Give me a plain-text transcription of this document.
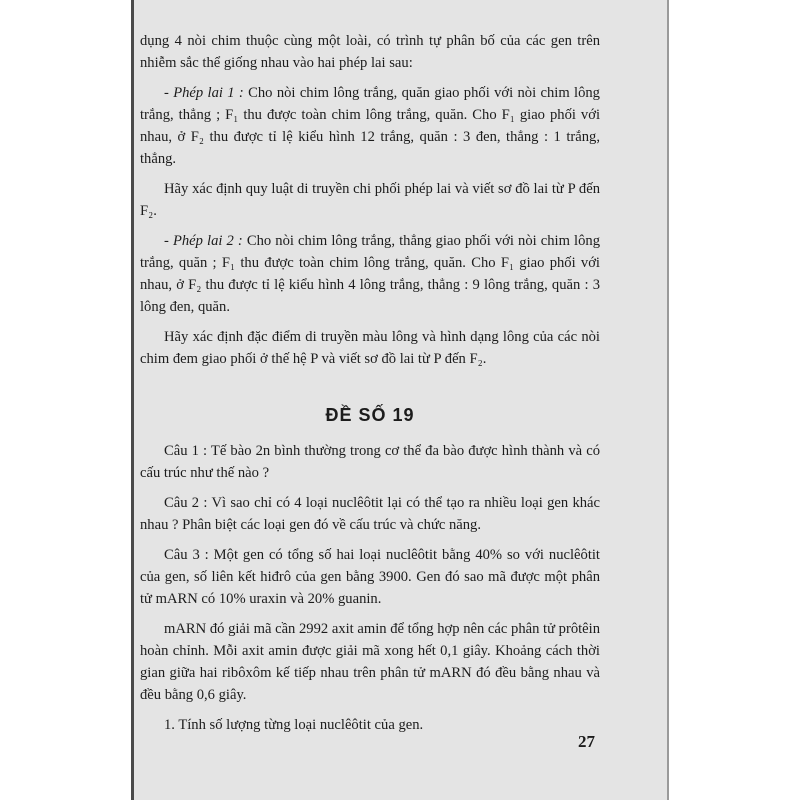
dụng 4 nòi chim thuộc cùng một loài, có trình tự phân bố của các gen trên nhiễm sắc thể giống nhau vào hai phép lai sau:

- Phép lai 1 : Cho nòi chim lông trắng, quăn giao phối với nòi chim lông trắng, thẳng ; F₁ thu được toàn chim lông trắng, quăn. Cho F₁ giao phối với nhau, ở F₂ thu được tỉ lệ kiểu hình 12 trắng, quăn : 3 đen, thẳng : 1 trắng, thẳng.

Hãy xác định quy luật di truyền chi phối phép lai và viết sơ đồ lai từ P đến F₂.

- Phép lai 2 : Cho nòi chim lông trắng, thẳng giao phối với nòi chim lông trắng, quăn ; F₁ thu được toàn chim lông trắng, quăn. Cho F₁ giao phối với nhau, ở F₂ thu được tỉ lệ kiểu hình 4 lông trắng, thẳng : 9 lông trắng, quăn : 3 lông đen, quăn.

Hãy xác định đặc điểm di truyền màu lông và hình dạng lông của các nòi chim đem giao phối ở thế hệ P và viết sơ đồ lai từ P đến F₂.

ĐỀ SỐ 19

Câu 1 : Tế bào 2n bình thường trong cơ thể đa bào được hình thành và có cấu trúc như thế nào ?

Câu 2 : Vì sao chỉ có 4 loại nuclêôtit lại có thể tạo ra nhiều loại gen khác nhau ? Phân biệt các loại gen đó về cấu trúc và chức năng.

Câu 3 : Một gen có tổng số hai loại nuclêôtit bằng 40% so với nuclêôtit của gen, số liên kết hiđrô của gen bằng 3900. Gen đó sao mã được một phân tử mARN có 10% uraxin và 20% guanin.

mARN đó giải mã cần 2992 axit amin để tổng hợp nên các phân tử prôtêin hoàn chỉnh. Mỗi axit amin được giải mã xong hết 0,1 giây. Khoảng cách thời gian giữa hai ribôxôm kế tiếp nhau trên phân tử mARN đó đều bằng nhau và đều bằng 0,6 giây.

1. Tính số lượng từng loại nuclêôtit của gen.

27
